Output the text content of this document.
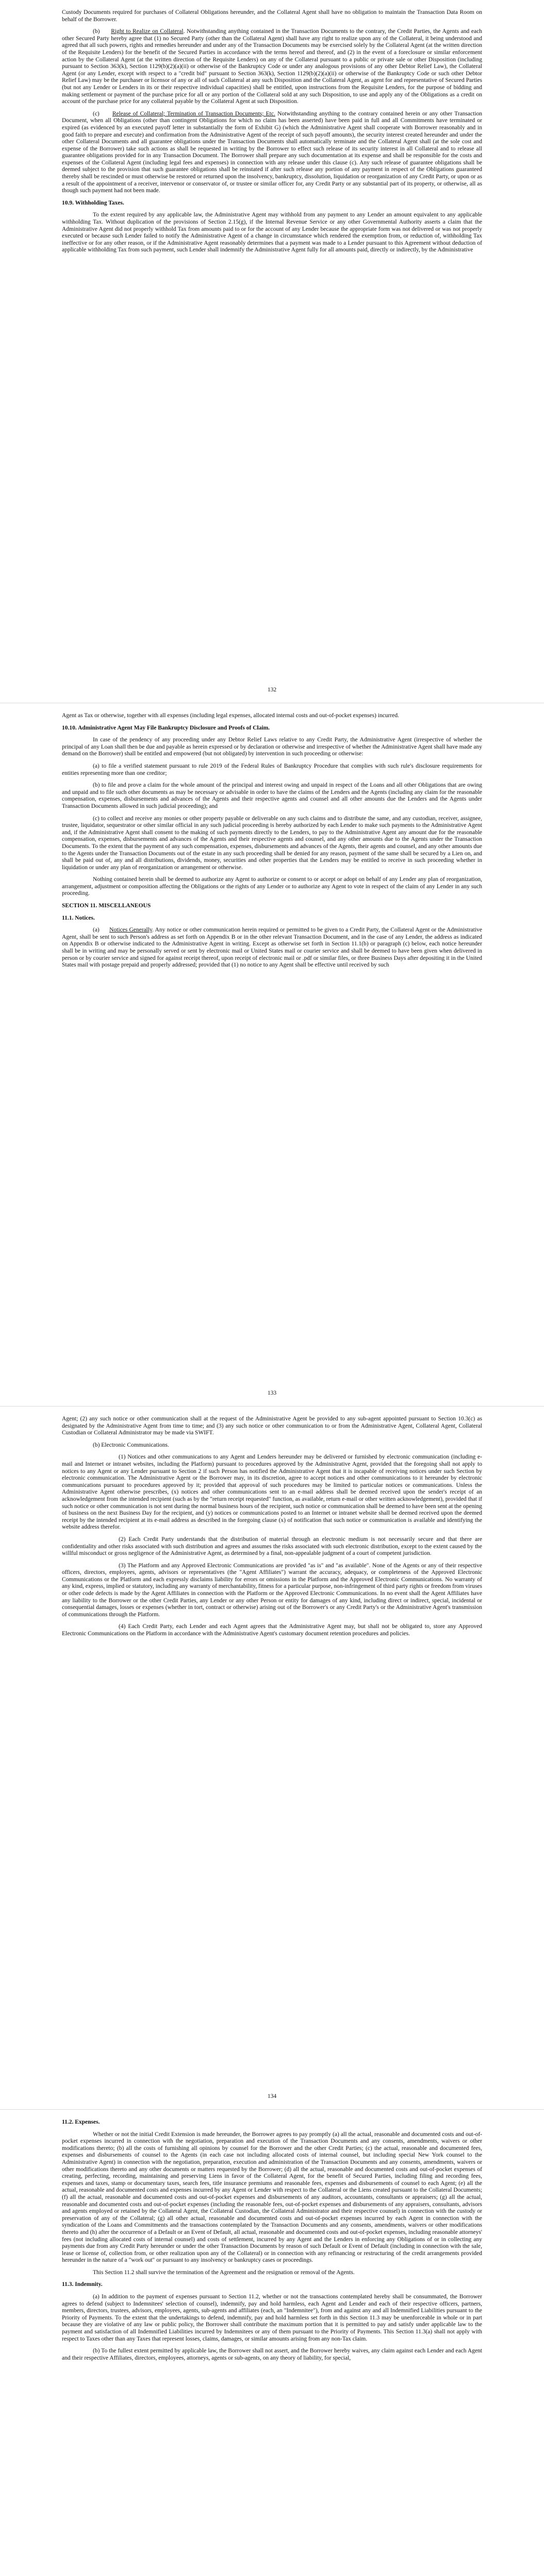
Custody Documents required for purchases of Collateral Obligations hereunder, and the Collateral Agent shall have no obligation to maintain the Transaction Data Room on behalf of the Borrower.

(b)      Right to Realize on Collateral. Notwithstanding anything contained in the Transaction Documents to the contrary, the Credit Parties, the Agents and each other Secured Party hereby agree that (1) no Secured Party (other than the Collateral Agent) shall have any right to realize upon any of the Collateral, it being understood and agreed that all such powers, rights and remedies hereunder and under any of the Transaction Documents may be exercised solely by the Collateral Agent (at the written direction of the Requisite Lenders) for the benefit of the Secured Parties in accordance with the terms hereof and thereof, and (2) in the event of a foreclosure or similar enforcement action by the Collateral Agent (at the written direction of the Requisite Lenders) on any of the Collateral pursuant to a public or private sale or other Disposition (including pursuant to Section 363(k), Section 1129(b)(2)(a)(ii) or otherwise of the Bankruptcy Code or under any analogous provisions of any other Debtor Relief Law), the Collateral Agent (or any Lender, except with respect to a "credit bid" pursuant to Section 363(k), Section 1129(b)(2)(a)(ii) or otherwise of the Bankruptcy Code or such other Debtor Relief Law) may be the purchaser or licensor of any or all of such Collateral at any such Disposition and the Collateral Agent, as agent for and representative of Secured Parties (but not any Lender or Lenders in its or their respective individual capacities) shall be entitled, upon instructions from the Requisite Lenders, for the purpose of bidding and making settlement or payment of the purchase price for all or any portion of the Collateral sold at any such Disposition, to use and apply any of the Obligations as a credit on account of the purchase price for any collateral payable by the Collateral Agent at such Disposition.

(c)      Release of Collateral; Termination of Transaction Documents; Etc. Notwithstanding anything to the contrary contained herein or any other Transaction Document, when all Obligations (other than contingent Obligations for which no claim has been asserted) have been paid in full and all Commitments have terminated or expired (as evidenced by an executed payoff letter in substantially the form of Exhibit G) (which the Administrative Agent shall cooperate with Borrower reasonably and in good faith to prepare and execute) and confirmation from the Administrative Agent of the receipt of such payoff amounts), the security interest created hereunder and under the other Collateral Documents and all guarantee obligations under the Transaction Documents shall automatically terminate and the Collateral Agent shall (at the sole cost and expense of the Borrower) take such actions as shall be requested in writing by the Borrower to effect such release of its security interest in all Collateral and to release all guarantee obligations provided for in any Transaction Document. The Borrower shall prepare any such documentation at its expense and shall be responsible for the costs and expenses of the Collateral Agent (including legal fees and expenses) in connection with any release under this clause (c). Any such release of guarantee obligations shall be deemed subject to the provision that such guarantee obligations shall be reinstated if after such release any portion of any payment in respect of the Obligations guaranteed thereby shall be rescinded or must otherwise be restored or returned upon the insolvency, bankruptcy, dissolution, liquidation or reorganization of any Credit Party, or upon or as a result of the appointment of a receiver, intervenor or conservator of, or trustee or similar officer for, any Credit Party or any substantial part of its property, or otherwise, all as though such payment had not been made.

10.9. Withholding Taxes.

To the extent required by any applicable law, the Administrative Agent may withhold from any payment to any Lender an amount equivalent to any applicable withholding Tax. Without duplication of the provisions of Section 2.15(g), if the Internal Revenue Service or any other Governmental Authority asserts a claim that the Administrative Agent did not properly withhold Tax from amounts paid to or for the account of any Lender because the appropriate form was not delivered or was not properly executed or because such Lender failed to notify the Administrative Agent of a change in circumstance which rendered the exemption from, or reduction of, withholding Tax ineffective or for any other reason, or if the Administrative Agent reasonably determines that a payment was made to a Lender pursuant to this Agreement without deduction of applicable withholding Tax from such payment, such Lender shall indemnify the Administrative Agent fully for all amounts paid, directly or indirectly, by the Administrative

132

Agent as Tax or otherwise, together with all expenses (including legal expenses, allocated internal costs and out-of-pocket expenses) incurred.

10.10. Administrative Agent May File Bankruptcy Disclosure and Proofs of Claim.

In case of the pendency of any proceeding under any Debtor Relief Laws relative to any Credit Party, the Administrative Agent (irrespective of whether the principal of any Loan shall then be due and payable as herein expressed or by declaration or otherwise and irrespective of whether the Administrative Agent shall have made any demand on the Borrower) shall be entitled and empowered (but not obligated) by intervention in such proceeding or otherwise:

(a) to file a verified statement pursuant to rule 2019 of the Federal Rules of Bankruptcy Procedure that complies with such rule's disclosure requirements for entities representing more than one creditor;

(b) to file and prove a claim for the whole amount of the principal and interest owing and unpaid in respect of the Loans and all other Obligations that are owing and unpaid and to file such other documents as may be necessary or advisable in order to have the claims of the Lenders and the Agents (including any claim for the reasonable compensation, expenses, disbursements and advances of the Agents and their respective agents and counsel and all other amounts due the Lenders and the Agents under Transaction Documents allowed in such judicial proceeding); and

(c) to collect and receive any monies or other property payable or deliverable on any such claims and to distribute the same, and any custodian, receiver, assignee, trustee, liquidator, sequestrator or other similar official in any such judicial proceeding is hereby authorized by each Lender to make such payments to the Administrative Agent and, if the Administrative Agent shall consent to the making of such payments directly to the Lenders, to pay to the Administrative Agent any amount due for the reasonable compensation, expenses, disbursements and advances of the Agents and their respective agents and counsel, and any other amounts due to the Agents under the Transaction Documents. To the extent that the payment of any such compensation, expenses, disbursements and advances of the Agents, their agents and counsel, and any other amounts due to the Agents under the Transaction Documents out of the estate in any such proceeding shall be denied for any reason, payment of the same shall be secured by a Lien on, and shall be paid out of, any and all distributions, dividends, money, securities and other properties that the Lenders may be entitled to receive in such proceeding whether in liquidation or under any plan of reorganization or arrangement or otherwise.

Nothing contained herein shall be deemed to authorize any Agent to authorize or consent to or accept or adopt on behalf of any Lender any plan of reorganization, arrangement, adjustment or composition affecting the Obligations or the rights of any Lender or to authorize any Agent to vote in respect of the claim of any Lender in any such proceeding.

SECTION 11. MISCELLANEOUS

11.1. Notices.

(a)      Notices Generally. Any notice or other communication herein required or permitted to be given to a Credit Party, the Collateral Agent or the Administrative Agent, shall be sent to such Person's address as set forth on Appendix B or in the other relevant Transaction Document, and in the case of any Lender, the address as indicated on Appendix B or otherwise indicated to the Administrative Agent in writing. Except as otherwise set forth in Section 11.1(b) or paragraph (c) below, each notice hereunder shall be in writing and may be personally served or sent by electronic mail or United States mail or courier service and shall be deemed to have been given when delivered in person or by courier service and signed for against receipt thereof, upon receipt of electronic mail or .pdf or similar files, or three Business Days after depositing it in the United States mail with postage prepaid and properly addressed; provided that (1) no notice to any Agent shall be effective until received by such

133

Agent; (2) any such notice or other communication shall at the request of the Administrative Agent be provided to any sub-agent appointed pursuant to Section 10.3(c) as designated by the Administrative Agent from time to time; and (3) any such notice or other communication to or from the Administrative Agent, Collateral Agent, Collateral Custodian or Collateral Administrator may be made via SWIFT.

(b) Electronic Communications.

(1) Notices and other communications to any Agent and Lenders hereunder may be delivered or furnished by electronic communication (including e-mail and Internet or intranet websites, including the Platform) pursuant to procedures approved by the Administrative Agent, provided that the foregoing shall not apply to notices to any Agent or any Lender pursuant to Section 2 if such Person has notified the Administrative Agent that it is incapable of receiving notices under such Section by electronic communication. The Administrative Agent or the Borrower may, in its discretion, agree to accept notices and other communications to it hereunder by electronic communications pursuant to procedures approved by it; provided that approval of such procedures may be limited to particular notices or communications. Unless the Administrative Agent otherwise prescribes, (x) notices and other communications sent to an e-mail address shall be deemed received upon the sender's receipt of an acknowledgement from the intended recipient (such as by the "return receipt requested" function, as available, return e-mail or other written acknowledgement), provided that if such notice or other communication is not sent during the normal business hours of the recipient, such notice or communication shall be deemed to have been sent at the opening of business on the next Business Day for the recipient, and (y) notices or communications posted to an Internet or intranet website shall be deemed received upon the deemed receipt by the intended recipient at its e-mail address as described in the foregoing clause (x) of notification that such notice or communication is available and identifying the website address therefor.

(2) Each Credit Party understands that the distribution of material through an electronic medium is not necessarily secure and that there are confidentiality and other risks associated with such distribution and agrees and assumes the risks associated with such electronic distribution, except to the extent caused by the willful misconduct or gross negligence of the Administrative Agent, as determined by a final, non-appealable judgment of a court of competent jurisdiction.

(3) The Platform and any Approved Electronic Communications are provided "as is" and "as available". None of the Agents or any of their respective officers, directors, employees, agents, advisors or representatives (the "Agent Affiliates") warrant the accuracy, adequacy, or completeness of the Approved Electronic Communications or the Platform and each expressly disclaims liability for errors or omissions in the Platform and the Approved Electronic Communications. No warranty of any kind, express, implied or statutory, including any warranty of merchantability, fitness for a particular purpose, non-infringement of third party rights or freedom from viruses or other code defects is made by the Agent Affiliates in connection with the Platform or the Approved Electronic Communications. In no event shall the Agent Affiliates have any liability to the Borrower or the other Credit Parties, any Lender or any other Person or entity for damages of any kind, including direct or indirect, special, incidental or consequential damages, losses or expenses (whether in tort, contract or otherwise) arising out of the Borrower's or any Credit Party's or the Administrative Agent's transmission of communications through the Platform.

(4) Each Credit Party, each Lender and each Agent agrees that the Administrative Agent may, but shall not be obligated to, store any Approved Electronic Communications on the Platform in accordance with the Administrative Agent's customary document retention procedures and policies.

134

11.2. Expenses.

Whether or not the initial Credit Extension is made hereunder, the Borrower agrees to pay promptly (a) all the actual, reasonable and documented costs and out-of-pocket expenses incurred in connection with the negotiation, preparation and execution of the Transaction Documents and any consents, amendments, waivers or other modifications thereto; (b) all the costs of furnishing all opinions by counsel for the Borrower and the other Credit Parties; (c) the actual, reasonable and documented fees, expenses and disbursements of counsel to the Agents (in each case not including allocated costs of internal counsel, but including special New York counsel to the Administrative Agent) in connection with the negotiation, preparation, execution and administration of the Transaction Documents and any consents, amendments, waivers or other modifications thereto and any other documents or matters requested by the Borrower; (d) all the actual, reasonable and documented costs and out-of-pocket expenses of creating, perfecting, recording, maintaining and preserving Liens in favor of the Collateral Agent, for the benefit of Secured Parties, including filing and recording fees, expenses and taxes, stamp or documentary taxes, search fees, title insurance premiums and reasonable fees, expenses and disbursements of counsel to each Agent; (e) all the actual, reasonable and documented costs and expenses incurred by any Agent or Lender with respect to the Collateral or the Liens created pursuant to the Collateral Documents; (f) all the actual, reasonable and documented costs and out-of-pocket expenses and disbursements of any auditors, accountants, consultants or appraisers; (g) all the actual, reasonable and documented costs and out-of-pocket expenses (including the reasonable fees, out-of-pocket expenses and disbursements of any appraisers, consultants, advisors and agents employed or retained by the Collateral Agent, the Collateral Custodian, the Collateral Administrator and their respective counsel) in connection with the custody or preservation of any of the Collateral; (g) all other actual, reasonable and documented costs and out-of-pocket expenses incurred by each Agent in connection with the syndication of the Loans and Commitments and the transactions contemplated by the Transaction Documents and any consents, amendments, waivers or other modifications thereto and (h) after the occurrence of a Default or an Event of Default, all actual, reasonable and documented costs and out-of-pocket expenses, including reasonable attorneys' fees (not including allocated costs of internal counsel) and costs of settlement, incurred by any Agent and the Lenders in enforcing any Obligations of or in collecting any payments due from any Credit Party hereunder or under the other Transaction Documents by reason of such Default or Event of Default (including in connection with the sale, lease or license of, collection from, or other realization upon any of the Collateral) or in connection with any refinancing or restructuring of the credit arrangements provided hereunder in the nature of a "work out" or pursuant to any insolvency or bankruptcy cases or proceedings.

This Section 11.2 shall survive the termination of the Agreement and the resignation or removal of the Agents.

11.3. Indemnity.

(a) In addition to the payment of expenses pursuant to Section 11.2, whether or not the transactions contemplated hereby shall be consummated, the Borrower agrees to defend (subject to Indemnitees' selection of counsel), indemnify, pay and hold harmless, each Agent and Lender and each of their respective officers, partners, members, directors, trustees, advisors, employees, agents, sub-agents and affiliates (each, an "Indemnitee"), from and against any and all Indemnified Liabilities pursuant to the Priority of Payments. To the extent that the undertakings to defend, indemnify, pay and hold harmless set forth in this Section 11.3 may be unenforceable in whole or in part because they are violative of any law or public policy, the Borrower shall contribute the maximum portion that it is permitted to pay and satisfy under applicable law to the payment and satisfaction of all Indemnified Liabilities incurred by Indemnitees or any of them pursuant to the Priority of Payments. This Section 11.3(a) shall not apply with respect to Taxes other than any Taxes that represent losses, claims, damages, or similar amounts arising from any non-Tax claim.

(b) To the fullest extent permitted by applicable law, the Borrower shall not assert, and the Borrower hereby waives, any claim against each Lender and each Agent and their respective Affiliates, directors, employees, attorneys, agents or sub-agents, on any theory of liability, for special,
